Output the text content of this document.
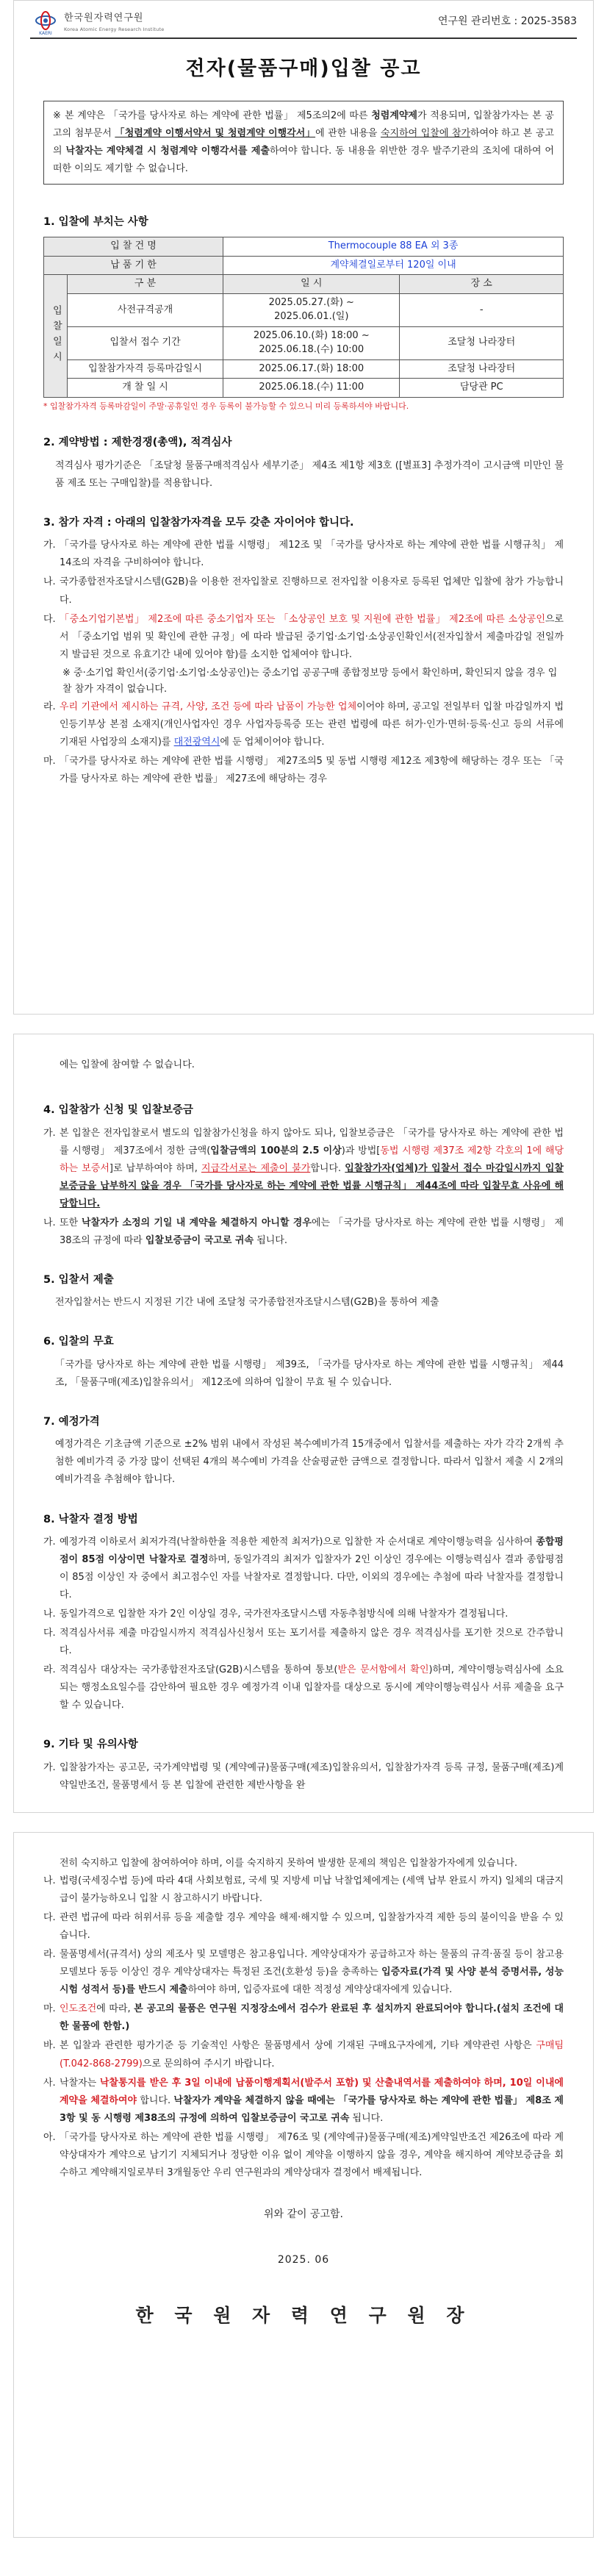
KAERI
한국원자력연구원
Korea Atomic Energy Research Institute
연구원 관리번호 : 2025-3583
전자(물품구매)입찰 공고
※ 본 계약은 「국가를 당사자로 하는 계약에 관한 법률」 제5조의2에 따른 청렴계약제가 적용되며, 입찰참가자는 본 공고의 첨부문서 「청렴계약 이행서약서 및 청렴계약 이행각서」에 관한 내용을 숙지하여 입찰에 참가하여야 하고 본 공고의 낙찰자는 계약체결 시 청렴계약 이행각서를 제출하여야 합니다. 동 내용을 위반한 경우 발주기관의 조치에 대하여 어떠한 이의도 제기할 수 없습니다.
1. 입찰에 부치는 사항
입 찰 건 명		Thermocouple 88 EA 외 3종	
납 품 기 한		계약체결일로부터 120일 이내	
입찰일시	구 분	일 시	장 소
	사전규격공개	2025.05.27.(화) ~
2025.06.01.(일)	-
	입찰서 접수 기간	2025.06.10.(화) 18:00 ~
2025.06.18.(수) 10:00	조달청 나라장터
	입찰참가자격 등록마감일시	2025.06.17.(화) 18:00	조달청 나라장터
	개 찰 일 시	2025.06.18.(수) 11:00	담당관 PC
* 입찰참가자격 등록마감일이 주말·공휴일인 경우 등록이 불가능할 수 있으니 미리 등록하셔야 바랍니다.
2. 계약방법 : 제한경쟁(총액), 적격심사
적격심사 평가기준은 「조달청 물품구매적격심사 세부기준」 제4조 제1항 제3호 ([별표3] 추정가격이 고시금액 미만인 물품 제조 또는 구매입찰)를 적용합니다.
3. 참가 자격 : 아래의 입찰참가자격을 모두 갖춘 자이어야 합니다.
가. 「국가를 당사자로 하는 계약에 관한 법률 시행령」 제12조 및 「국가를 당사자로 하는 계약에 관한 법률 시행규칙」 제14조의 자격을 구비하여야 합니다.
나. 국가종합전자조달시스템(G2B)을 이용한 전자입찰로 진행하므로 전자입찰 이용자로 등록된 업체만 입찰에 참가 가능합니다.
다. 「중소기업기본법」 제2조에 따른 중소기업자 또는 「소상공인 보호 및 지원에 관한 법률」 제2조에 따른 소상공인으로서 「중소기업 범위 및 확인에 관한 규정」에 따라 발급된 중기업·소기업·소상공인확인서(전자입찰서 제출마감일 전일까지 발급된 것으로 유효기간 내에 있어야 함)를 소지한 업체여야 합니다.
※ 중·소기업 확인서(중기업·소기업·소상공인)는 중소기업 공공구매 종합정보망 등에서 확인하며, 확인되지 않을 경우 입찰 참가 자격이 없습니다.
라. 우리 기관에서 제시하는 규격, 사양, 조건 등에 따라 납품이 가능한 업체이어야 하며, 공고일 전일부터 입찰 마감일까지 법인등기부상 본점 소재지(개인사업자인 경우 사업자등록증 또는 관련 법령에 따른 허가·인가·면허·등록·신고 등의 서류에 기재된 사업장의 소재지)를 대전광역시에 둔 업체이어야 합니다.
마. 「국가를 당사자로 하는 계약에 관한 법률 시행령」 제27조의5 및 동법 시행령 제12조 제3항에 해당하는 경우 또는 「국가를 당사자로 하는 계약에 관한 법률」 제27조에 해당하는 경우
에는 입찰에 참여할 수 없습니다.
4. 입찰참가 신청 및 입찰보증금
가. 본 입찰은 전자입찰로서 별도의 입찰참가신청을 하지 않아도 되나, 입찰보증금은 「국가를 당사자로 하는 계약에 관한 법률 시행령」 제37조에서 정한 금액(입찰금액의 100분의 2.5 이상)과 방법[동법 시행령 제37조 제2항 각호의 1에 해당하는 보증서]로 납부하여야 하며, 지급각서로는 제출이 불가합니다. 입찰참가자(업체)가 입찰서 접수 마감일시까지 입찰보증금을 납부하지 않을 경우 「국가를 당사자로 하는 계약에 관한 법률 시행규칙」 제44조에 따라 입찰무효 사유에 해당합니다.
나. 또한 낙찰자가 소정의 기일 내 계약을 체결하지 아니할 경우에는 「국가를 당사자로 하는 계약에 관한 법률 시행령」 제38조의 규정에 따라 입찰보증금이 국고로 귀속 됩니다.
5. 입찰서 제출
전자입찰서는 반드시 지정된 기간 내에 조달청 국가종합전자조달시스템(G2B)을 통하여 제출
6. 입찰의 무효
「국가를 당사자로 하는 계약에 관한 법률 시행령」 제39조, 「국가를 당사자로 하는 계약에 관한 법률 시행규칙」 제44조, 「물품구매(제조)입찰유의서」 제12조에 의하여 입찰이 무효 될 수 있습니다.
7. 예정가격
예정가격은 기초금액 기준으로 ±2% 범위 내에서 작성된 복수예비가격 15개중에서 입찰서를 제출하는 자가 각각 2개씩 추첨한 예비가격 중 가장 많이 선택된 4개의 복수예비 가격을 산술평균한 금액으로 결정합니다. 따라서 입찰서 제출 시 2개의 예비가격을 추첨해야 합니다.
8. 낙찰자 결정 방법
가. 예정가격 이하로서 최저가격(낙찰하한율 적용한 제한적 최저가)으로 입찰한 자 순서대로 계약이행능력을 심사하여 종합평점이 85점 이상이면 낙찰자로 결정하며, 동일가격의 최저가 입찰자가 2인 이상인 경우에는 이행능력심사 결과 종합평점이 85점 이상인 자 중에서 최고점수인 자를 낙찰자로 결정합니다. 다만, 이외의 경우에는 추첨에 따라 낙찰자를 결정합니다.
나. 동일가격으로 입찰한 자가 2인 이상일 경우, 국가전자조달시스템 자동추첨방식에 의해 낙찰자가 결정됩니다.
다. 적격심사서류 제출 마감일시까지 적격심사신청서 또는 포기서를 제출하지 않은 경우 적격심사를 포기한 것으로 간주합니다.
라. 적격심사 대상자는 국가종합전자조달(G2B)시스템을 통하여 통보(받은 문서함에서 확인)하며, 계약이행능력심사에 소요되는 행정소요일수를 감안하여 필요한 경우 예정가격 이내 입찰자를 대상으로 동시에 계약이행능력심사 서류 제출을 요구할 수 있습니다.
9. 기타 및 유의사항
가. 입찰참가자는 공고문, 국가계약법령 및 (계약예규)물품구매(제조)입찰유의서, 입찰참가자격 등록 규정, 물품구매(제조)계약일반조건, 물품명세서 등 본 입찰에 관련한 제반사항을 완
전히 숙지하고 입찰에 참여하여야 하며, 이를 숙지하지 못하여 발생한 문제의 책임은 입찰참가자에게 있습니다.
나. 법령(국세징수법 등)에 따라 4대 사회보험료, 국세 및 지방세 미납 낙찰업체에게는 (세액 납부 완료시 까지) 일체의 대금지급이 불가능하오니 입찰 시 참고하시기 바랍니다.
다. 관련 법규에 따라 허위서류 등을 제출할 경우 계약을 해제·해지할 수 있으며, 입찰참가자격 제한 등의 불이익을 받을 수 있습니다.
라. 물품명세서(규격서) 상의 제조사 및 모델명은 참고용입니다. 계약상대자가 공급하고자 하는 물품의 규격·품질 등이 참고용 모델보다 동등 이상인 경우 계약상대자는 특정된 조건(호환성 등)을 충족하는 입증자료(가격 및 사양 분석 증명서류, 성능시험 성적서 등)를 반드시 제출하여야 하며, 입증자료에 대한 적정성 계약상대자에게 있습니다.
마. 인도조건에 따라, 본 공고의 물품은 연구원 지정장소에서 검수가 완료된 후 설치까지 완료되어야 합니다.(설치 조건에 대한 물품에 한함.)
바. 본 입찰과 관련한 평가기준 등 기술적인 사항은 물품명세서 상에 기재된 구매요구자에게, 기타 계약관련 사항은 구매팀(T.042-868-2799)으로 문의하여 주시기 바랍니다.
사. 낙찰자는 낙찰통지를 받은 후 3일 이내에 납품이행계획서(발주서 포함) 및 산출내역서를 제출하여야 하며, 10일 이내에 계약을 체결하여야 합니다. 낙찰자가 계약을 체결하지 않을 때에는 「국가를 당사자로 하는 계약에 관한 법률」 제8조 제3항 및 동 시행령 제38조의 규정에 의하여 입찰보증금이 국고로 귀속 됩니다.
아. 「국가를 당사자로 하는 계약에 관한 법률 시행령」 제76조 및 (계약예규)물품구매(제조)계약일반조건 제26조에 따라 계약상대자가 계약으로 남기기 지체되거나 정당한 이유 없이 계약을 이행하지 않을 경우, 계약을 해지하여 계약보증금을 회수하고 계약해지일로부터 3개월동안 우리 연구원과의 계약상대자 결정에서 배제됩니다.
위와 같이 공고함.
2025. 06
한 국 원 자 력 연 구 원 장
